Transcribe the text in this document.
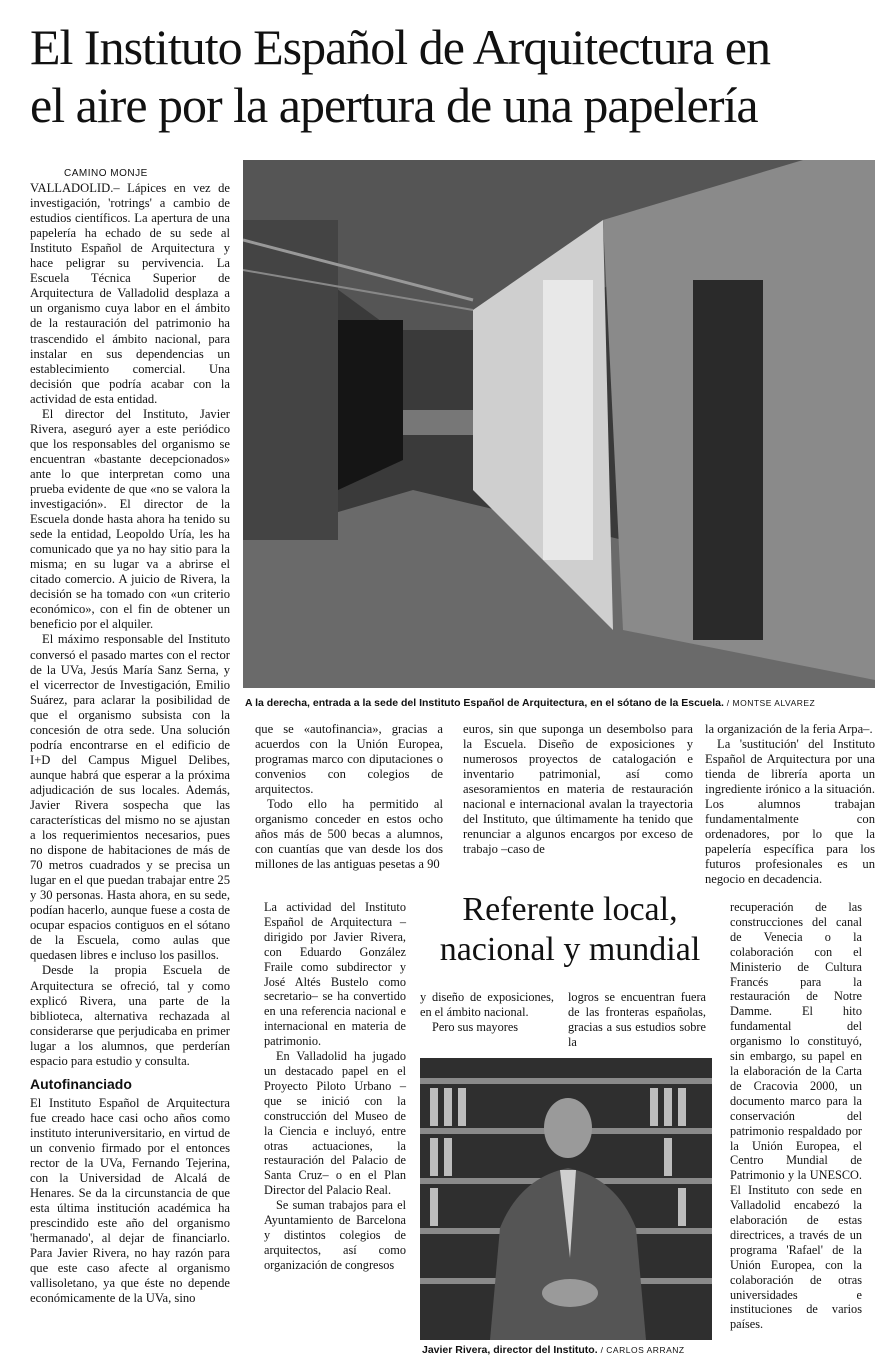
El Instituto Español de Arquitectura en
el aire por la apertura de una papelería
CAMINO MONJE

VALLADOLID.– Lápices en vez de investigación, 'rotrings' a cambio de estudios científicos. La apertura de una papelería ha echado de su sede al Instituto Español de Arquitectura y hace peligrar su pervivencia. La Escuela Técnica Superior de Arquitectura de Valladolid desplaza a un organismo cuya labor en el ámbito de la restauración del patrimonio ha trascendido el ámbito nacional, para instalar en sus dependencias un establecimiento comercial. Una decisión que podría acabar con la actividad de esta entidad.

El director del Instituto, Javier Rivera, aseguró ayer a este periódico que los responsables del organismo se encuentran «bastante decepcionados» ante lo que interpretan como una prueba evidente de que «no se valora la investigación». El director de la Escuela donde hasta ahora ha tenido su sede la entidad, Leopoldo Uría, les ha comunicado que ya no hay sitio para la misma; en su lugar va a abrirse el citado comercio. A juicio de Rivera, la decisión se ha tomado con «un criterio económico», con el fin de obtener un beneficio por el alquiler.

El máximo responsable del Instituto conversó el pasado martes con el rector de la UVa, Jesús María Sanz Serna, y el vicerrector de Investigación, Emilio Suárez, para aclarar la posibilidad de que el organismo subsista con la concesión de otra sede. Una solución podría encontrarse en el edificio de I+D del Campus Miguel Delibes, aunque habrá que esperar a la próxima adjudicación de sus locales. Además, Javier Rivera sospecha que las características del mismo no se ajustan a los requerimientos necesarios, pues no dispone de habitaciones de más de 70 metros cuadrados y se precisa un lugar en el que puedan trabajar entre 25 y 30 personas. Hasta ahora, en su sede, podían hacerlo, aunque fuese a costa de ocupar espacios contiguos en el sótano de la Escuela, como aulas que quedasen libres e incluso los pasillos.

Desde la propia Escuela de Arquitectura se ofreció, tal y como explicó Rivera, una parte de la biblioteca, alternativa rechazada al considerarse que perjudicaba en primer lugar a los alumnos, que perderían espacio para estudio y consulta.

Autofinanciado

El Instituto Español de Arquitectura fue creado hace casi ocho años como instituto interuniversitario, en virtud de un convenio firmado por el entonces rector de la UVa, Fernando Tejerina, con la Universidad de Alcalá de Henares. Se da la circunstancia de que esta última institución académica ha prescindido este año del organismo 'hermanado', al dejar de financiarlo. Para Javier Rivera, no hay razón para que este caso afecte al organismo vallisoletano, ya que éste no depende económicamente de la UVa, sino

A la derecha, entrada a la sede del Instituto Español de Arquitectura, en el sótano de la Escuela. / MONTSE ALVAREZ

que se «autofinancia», gracias a acuerdos con la Unión Europea, programas marco con diputaciones o convenios con colegios de arquitectos.

Todo ello ha permitido al organismo conceder en estos ocho años más de 500 becas a alumnos, con cuantías que van desde los dos millones de las antiguas pesetas a 90

euros, sin que suponga un desembolso para la Escuela. Diseño de exposiciones y numerosos proyectos de catalogación e inventario patrimonial, así como asesoramientos en materia de restauración nacional e internacional avalan la trayectoria del Instituto, que últimamente ha tenido que renunciar a algunos encargos por exceso de trabajo –caso de

la organización de la feria Arpa–.

La 'sustitución' del Instituto Español de Arquitectura por una tienda de librería aporta un ingrediente irónico a la situación. Los alumnos trabajan fundamentalmente con ordenadores, por lo que la papelería específica para los futuros profesionales es un negocio en decadencia.

Referente local,
nacional y mundial

La actividad del Instituto Español de Arquitectura –dirigido por Javier Rivera, con Eduardo González Fraile como subdirector y José Altés Bustelo como secretario– se ha convertido en una referencia nacional e internacional en materia de patrimonio.

En Valladolid ha jugado un destacado papel en el Proyecto Piloto Urbano –que se inició con la construcción del Museo de la Ciencia e incluyó, entre otras actuaciones, la restauración del Palacio de Santa Cruz– o en el Plan Director del Palacio Real.

Se suman trabajos para el Ayuntamiento de Barcelona y distintos colegios de arquitectos, así como organización de congresos

y diseño de exposiciones, en el ámbito nacional.

Pero sus mayores

logros se encuentran fuera de las fronteras españolas, gracias a sus estudios sobre la

recuperación de las construcciones del canal de Venecia o la colaboración con el Ministerio de Cultura Francés para la restauración de Notre Damme. El hito fundamental del organismo lo constituyó, sin embargo, su papel en la elaboración de la Carta de Cracovia 2000, un documento marco para la conservación del patrimonio respaldado por la Unión Europea, el Centro Mundial de Patrimonio y la UNESCO. El Instituto con sede en Valladolid encabezó la elaboración de estas directrices, a través de un programa 'Rafael' de la Unión Europea, con la colaboración de otras universidades e instituciones de varios países.

Javier Rivera, director del Instituto. / CARLOS ARRANZ
